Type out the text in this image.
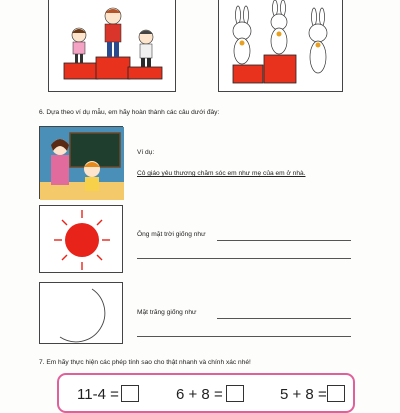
6. Dựa theo ví dụ mẫu, em hãy hoàn thành các câu dưới đây:
Ví dụ:
Cô giáo yêu thương chăm sóc em như mẹ của em ở nhà.
Ông mặt trời giống như
Mặt trăng giống như
7. Em hãy thực hiện các phép tính sao cho thật nhanh và chính xác nhé!
11-4 =	6 + 8 =	5 + 8 =
